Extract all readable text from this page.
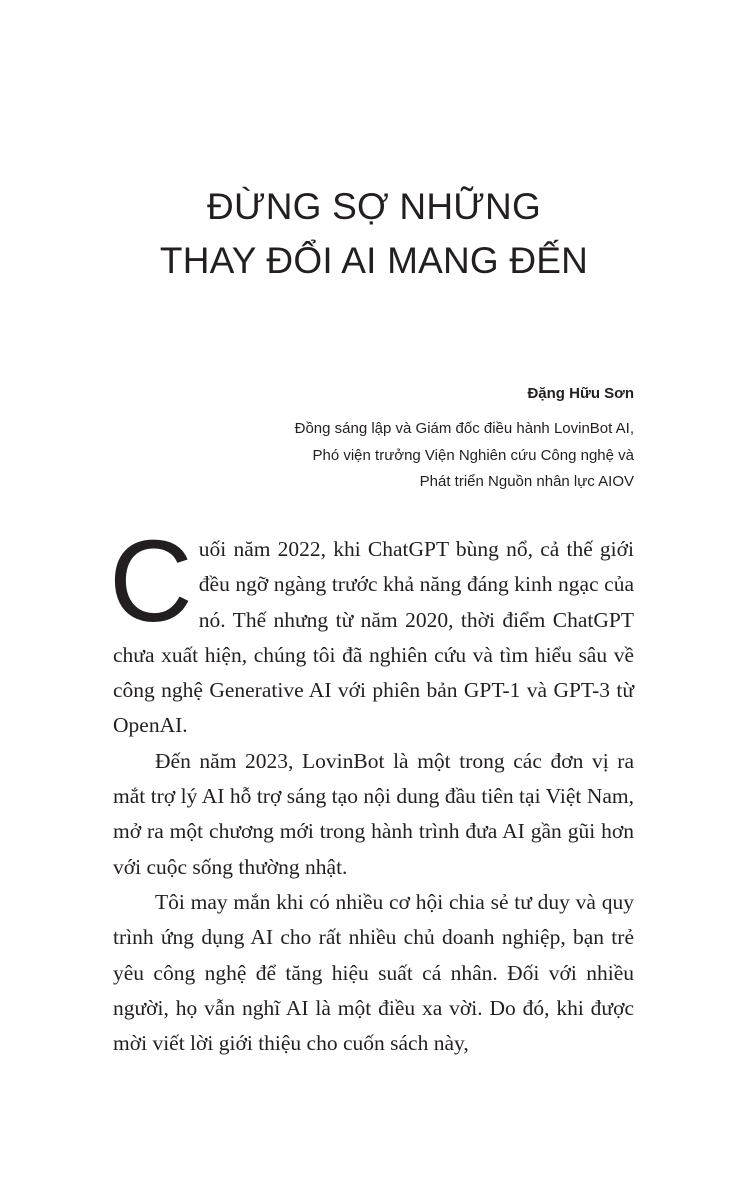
ĐỪNG SỢ NHỮNG
THAY ĐỔI AI MANG ĐẾN

Đặng Hữu Sơn

Đồng sáng lập và Giám đốc điều hành LovinBot AI,
Phó viện trưởng Viện Nghiên cứu Công nghệ và
Phát triển Nguồn nhân lực AIOV

Cuối năm 2022, khi ChatGPT bùng nổ, cả thế giới đều ngỡ ngàng trước khả năng đáng kinh ngạc của nó. Thế nhưng từ năm 2020, thời điểm ChatGPT chưa xuất hiện, chúng tôi đã nghiên cứu và tìm hiểu sâu về công nghệ Generative AI với phiên bản GPT-1 và GPT-3 từ OpenAI.

Đến năm 2023, LovinBot là một trong các đơn vị ra mắt trợ lý AI hỗ trợ sáng tạo nội dung đầu tiên tại Việt Nam, mở ra một chương mới trong hành trình đưa AI gần gũi hơn với cuộc sống thường nhật.

Tôi may mắn khi có nhiều cơ hội chia sẻ tư duy và quy trình ứng dụng AI cho rất nhiều chủ doanh nghiệp, bạn trẻ yêu công nghệ để tăng hiệu suất cá nhân. Đối với nhiều người, họ vẫn nghĩ AI là một điều xa vời. Do đó, khi được mời viết lời giới thiệu cho cuốn sách này,
